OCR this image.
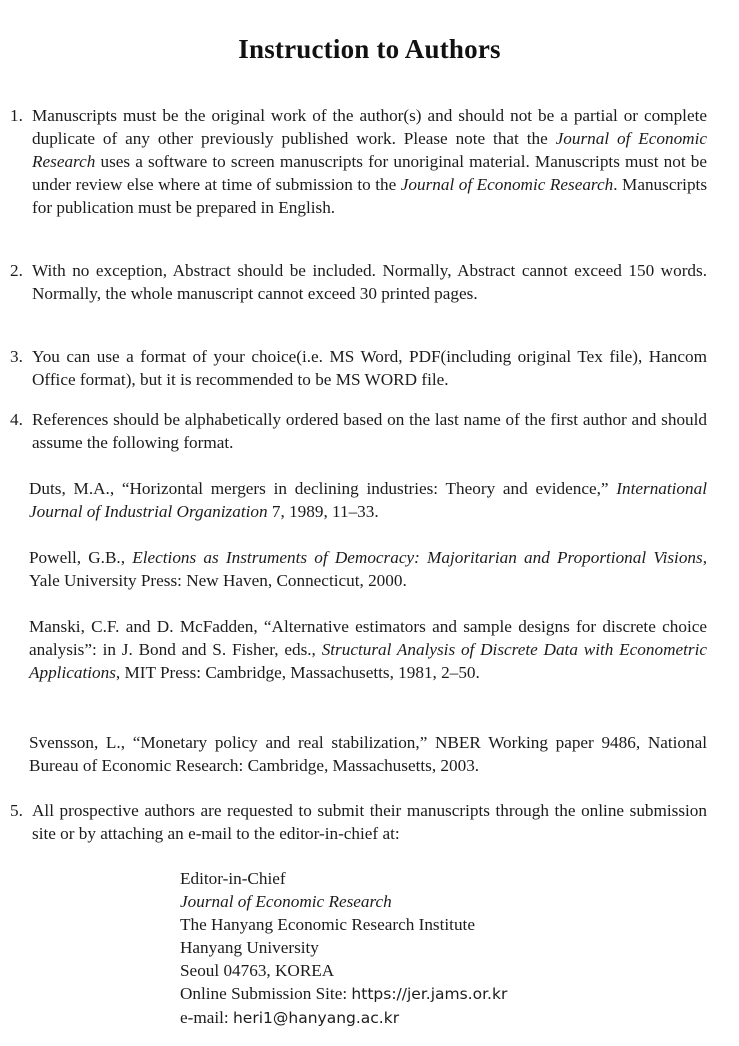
Instruction to Authors
1. Manuscripts must be the original work of the author(s) and should not be a partial or complete duplicate of any other previously published work. Please note that the Journal of Economic Research uses a software to screen manuscripts for unoriginal material. Manuscripts must not be under review else where at time of submission to the Journal of Economic Research. Manuscripts for publication must be prepared in English.
2. With no exception, Abstract should be included. Normally, Abstract cannot exceed 150 words. Normally, the whole manuscript cannot exceed 30 printed pages.
3. You can use a format of your choice(i.e. MS Word, PDF(including original Tex file), Hancom Office format), but it is recommended to be MS WORD file.
4. References should be alphabetically ordered based on the last name of the first author and should assume the following format.
Duts, M.A., “Horizontal mergers in declining industries: Theory and evidence,” International Journal of Industrial Organization 7, 1989, 11–33.
Powell, G.B., Elections as Instruments of Democracy: Majoritarian and Proportional Visions, Yale University Press: New Haven, Connecticut, 2000.
Manski, C.F. and D. McFadden, “Alternative estimators and sample designs for discrete choice analysis”: in J. Bond and S. Fisher, eds., Structural Analysis of Discrete Data with Econometric Applications, MIT Press: Cambridge, Massachusetts, 1981, 2–50.
Svensson, L., “Monetary policy and real stabilization,” NBER Working paper 9486, National Bureau of Economic Research: Cambridge, Massachusetts, 2003.
5. All prospective authors are requested to submit their manuscripts through the online submission site or by attaching an e-mail to the editor-in-chief at:
Editor-in-Chief
Journal of Economic Research
The Hanyang Economic Research Institute
Hanyang University
Seoul 04763, KOREA
Online Submission Site: https://jer.jams.or.kr
e-mail: heri1@hanyang.ac.kr
